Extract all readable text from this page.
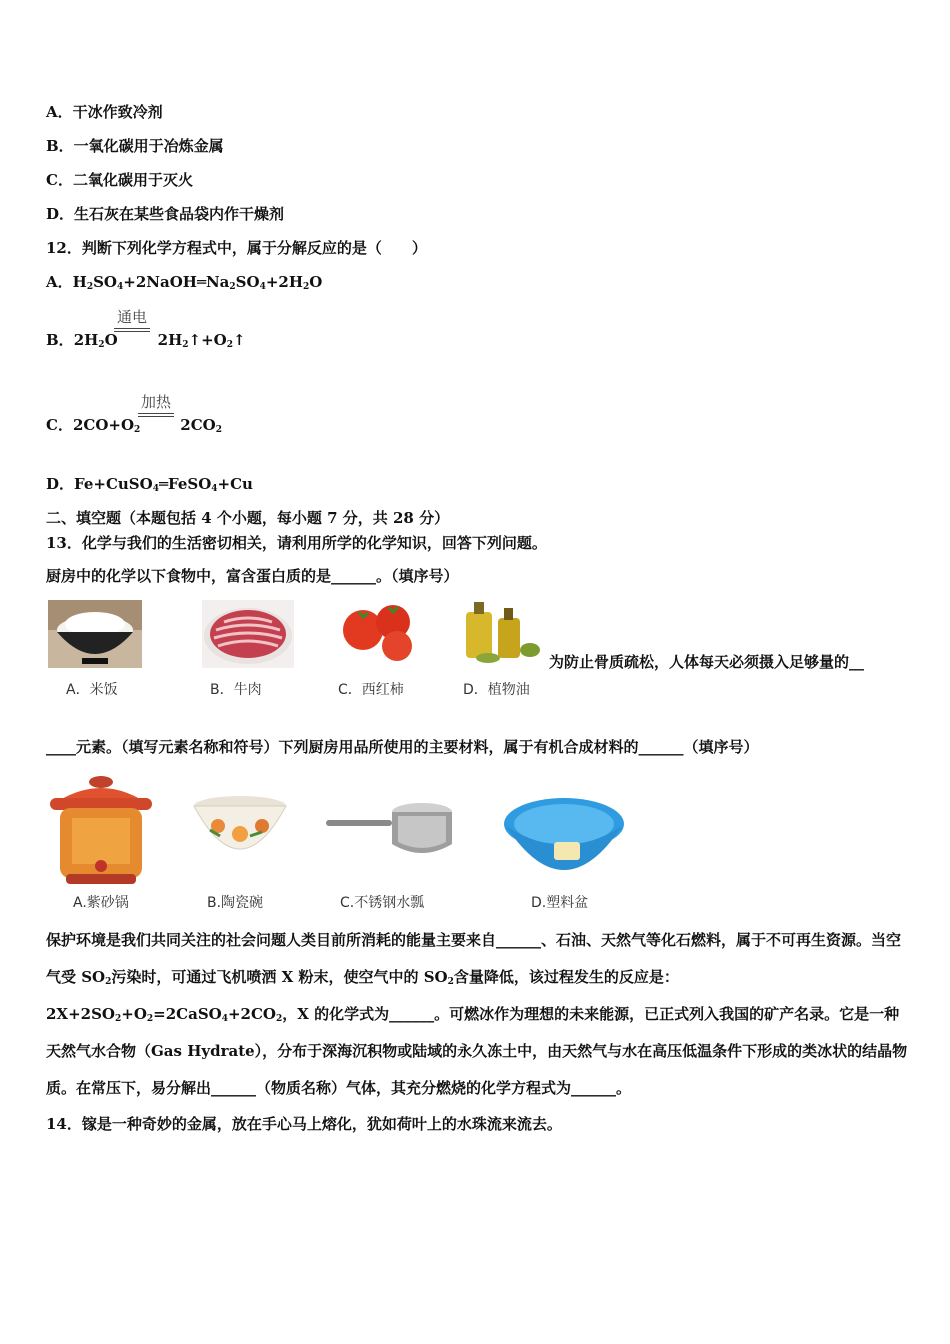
A．干冰作致冷剂
B．一氧化碳用于冶炼金属
C．二氧化碳用于灭火
D．生石灰在某些食品袋内作干燥剂
12．判断下列化学方程式中，属于分解反应的是（　　）
A．$H_2SO_4+2NaOH═Na_2SO_4+2H_2O$
通电
B．$2H_2O$	$2H_2↑+O_2↑$
加热
C．$2CO+O_2$	$2CO_2$
D．Fe+CuSO$_4$═FeSO$_4$+Cu
二、填空题（本题包括 4 个小题，每小题 7 分，共 28 分）
13．化学与我们的生活密切相关，请利用所学的化学知识，回答下列问题。
厨房中的化学以下食物中，富含蛋白质的是______。（填序号）
A．米饭	B．牛肉	C．西红柿	D．植物油
为防止骨质疏松，人体每天必须摄入足够量的__
____元素。（填写元素名称和符号）下列厨房用品所使用的主要材料，属于有机合成材料的______（填序号）
A.紫砂锅	B.陶瓷碗	C.不锈钢水瓢	D.塑料盆
保护环境是我们共同关注的社会问题人类目前所消耗的能量主要来自______、石油、天然气等化石燃料，属于不可再生资源。当空气受 $SO_2$污染时，可通过飞机喷洒 X 粉末，使空气中的 $SO_2$含量降低，该过程发生的反应是：
$2X+2SO_2+O_2=2CaSO_4+2CO_2$，X 的化学式为______。可燃冰作为理想的未来能源，已正式列入我国的矿产名录。它是一种天然气水合物（Gas Hydrate），分布于深海沉积物或陆域的永久冻土中，由天然气与水在高压低温条件下形成的类冰状的结晶物质。在常压下，易分解出______（物质名称）气体，其充分燃烧的化学方程式为______。
14．镓是一种奇妙的金属，放在手心马上熔化，犹如荷叶上的水珠流来流去。
